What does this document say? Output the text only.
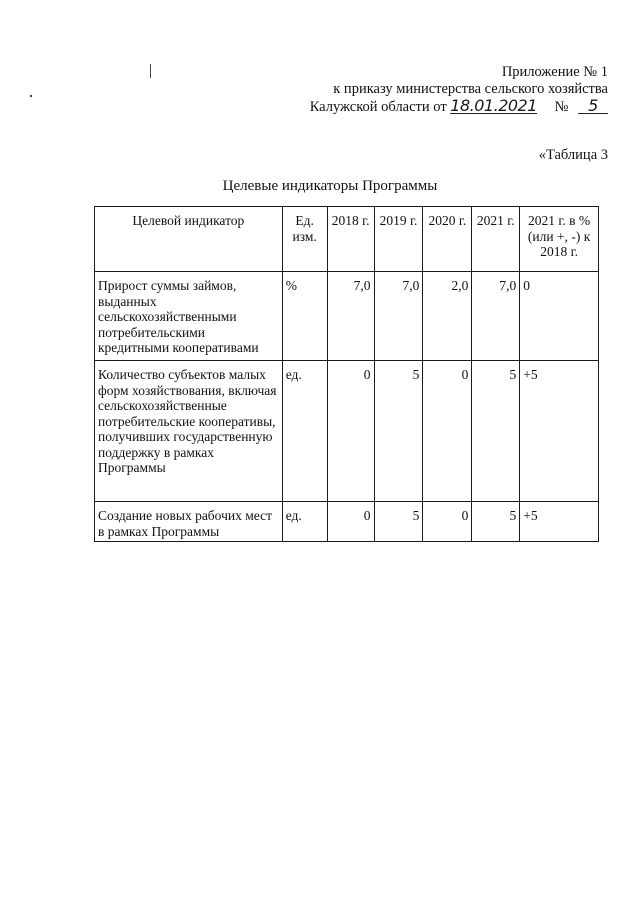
Приложение № 1
к приказу министерства сельского хозяйства
Калужской области от 18.01.2021 № 5
«Таблица 3
Целевые индикаторы Программы
Целевой индикатор	Ед. изм.	2018 г.	2019 г.	2020 г.	2021 г.	2021 г. в % (или +, -) к 2018 г.
Прирост суммы займов, выданных сельскохозяйственными потребительскими кредитными кооперативами	%	7,0	7,0	2,0	7,0	0
Количество субъектов малых форм хозяйствования, включая сельскохозяйственные потребительские кооперативы, получивших государственную поддержку в рамках Программы	ед.	0	5	0	5	+5
Создание новых рабочих мест в рамках Программы	ед.	0	5	0	5	+5
